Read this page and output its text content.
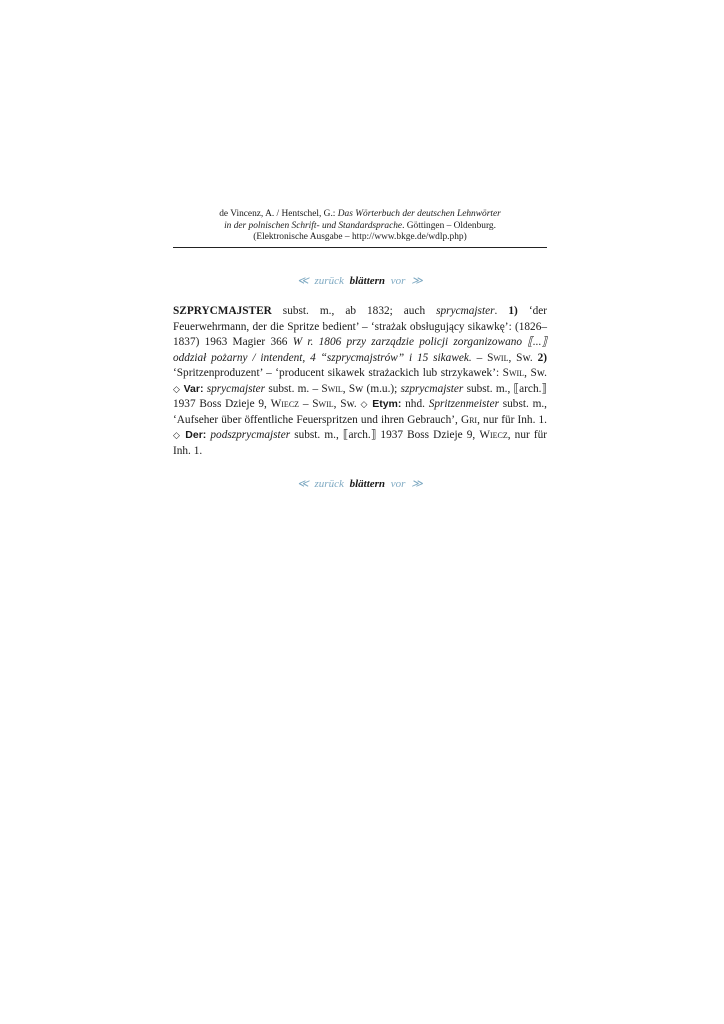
de Vincenz, A. / Hentschel, G.: Das Wörterbuch der deutschen Lehnwörter
in der polnischen Schrift- und Standardsprache. Göttingen – Oldenburg.
(Elektronische Ausgabe – http://www.bkge.de/wdlp.php)
≪ zurück blättern vor ≫
SZPRYCMAJSTER subst. m., ab 1832; auch sprycmajster. 1) ‘der Feuerwehrmann, der die Spritze bedient’ – ‘strażak obsługujący sikawkę’: (1826–1837) 1963 Magier 366 W r. 1806 przy zarządzie policji zorganizowano ⟦...⟧ oddział pożarny / intendent, 4 “szprycmajstrów” i 15 sikawek. – Swil, Sw. 2) ‘Spritzenproduzent’ – ‘producent sikawek strażackich lub strzykawek’: Swil, Sw. ◇ Var: sprycmajster subst. m. – Swil, Sw (m.u.); szprycmajster subst. m., ⟦arch.⟧ 1937 Boss Dzieje 9, Wiecz – Swil, Sw. ◇ Etym: nhd. Spritzenmeister subst. m., ‘Aufseher über öffentliche Feuerspritzen und ihren Gebrauch’, Gri, nur für Inh. 1. ◇ Der: podszprycmajster subst. m., ⟦arch.⟧ 1937 Boss Dzieje 9, Wiecz, nur für Inh. 1.
≪ zurück blättern vor ≫
